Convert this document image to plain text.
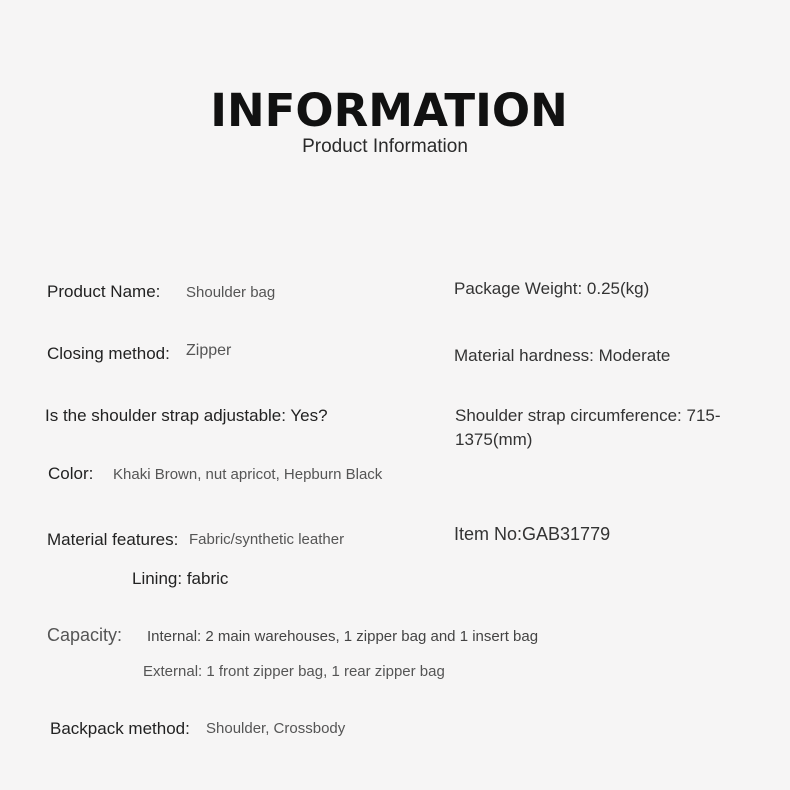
INFORMATION
Product Information
Product Name: Shoulder bag	Package Weight: 0.25(kg)
Closing method: Zipper	Material hardness: Moderate
Is the shoulder strap adjustable: Yes?	Shoulder strap circumference: 715-
1375(mm)
Color: Khaki Brown, nut apricot, Hepburn Black
Material features: Fabric/synthetic leather	Item No:GAB31779
Lining: fabric
Capacity: Internal: 2 main warehouses, 1 zipper bag and 1 insert bag
External: 1 front zipper bag, 1 rear zipper bag
Backpack method: Shoulder, Crossbody
